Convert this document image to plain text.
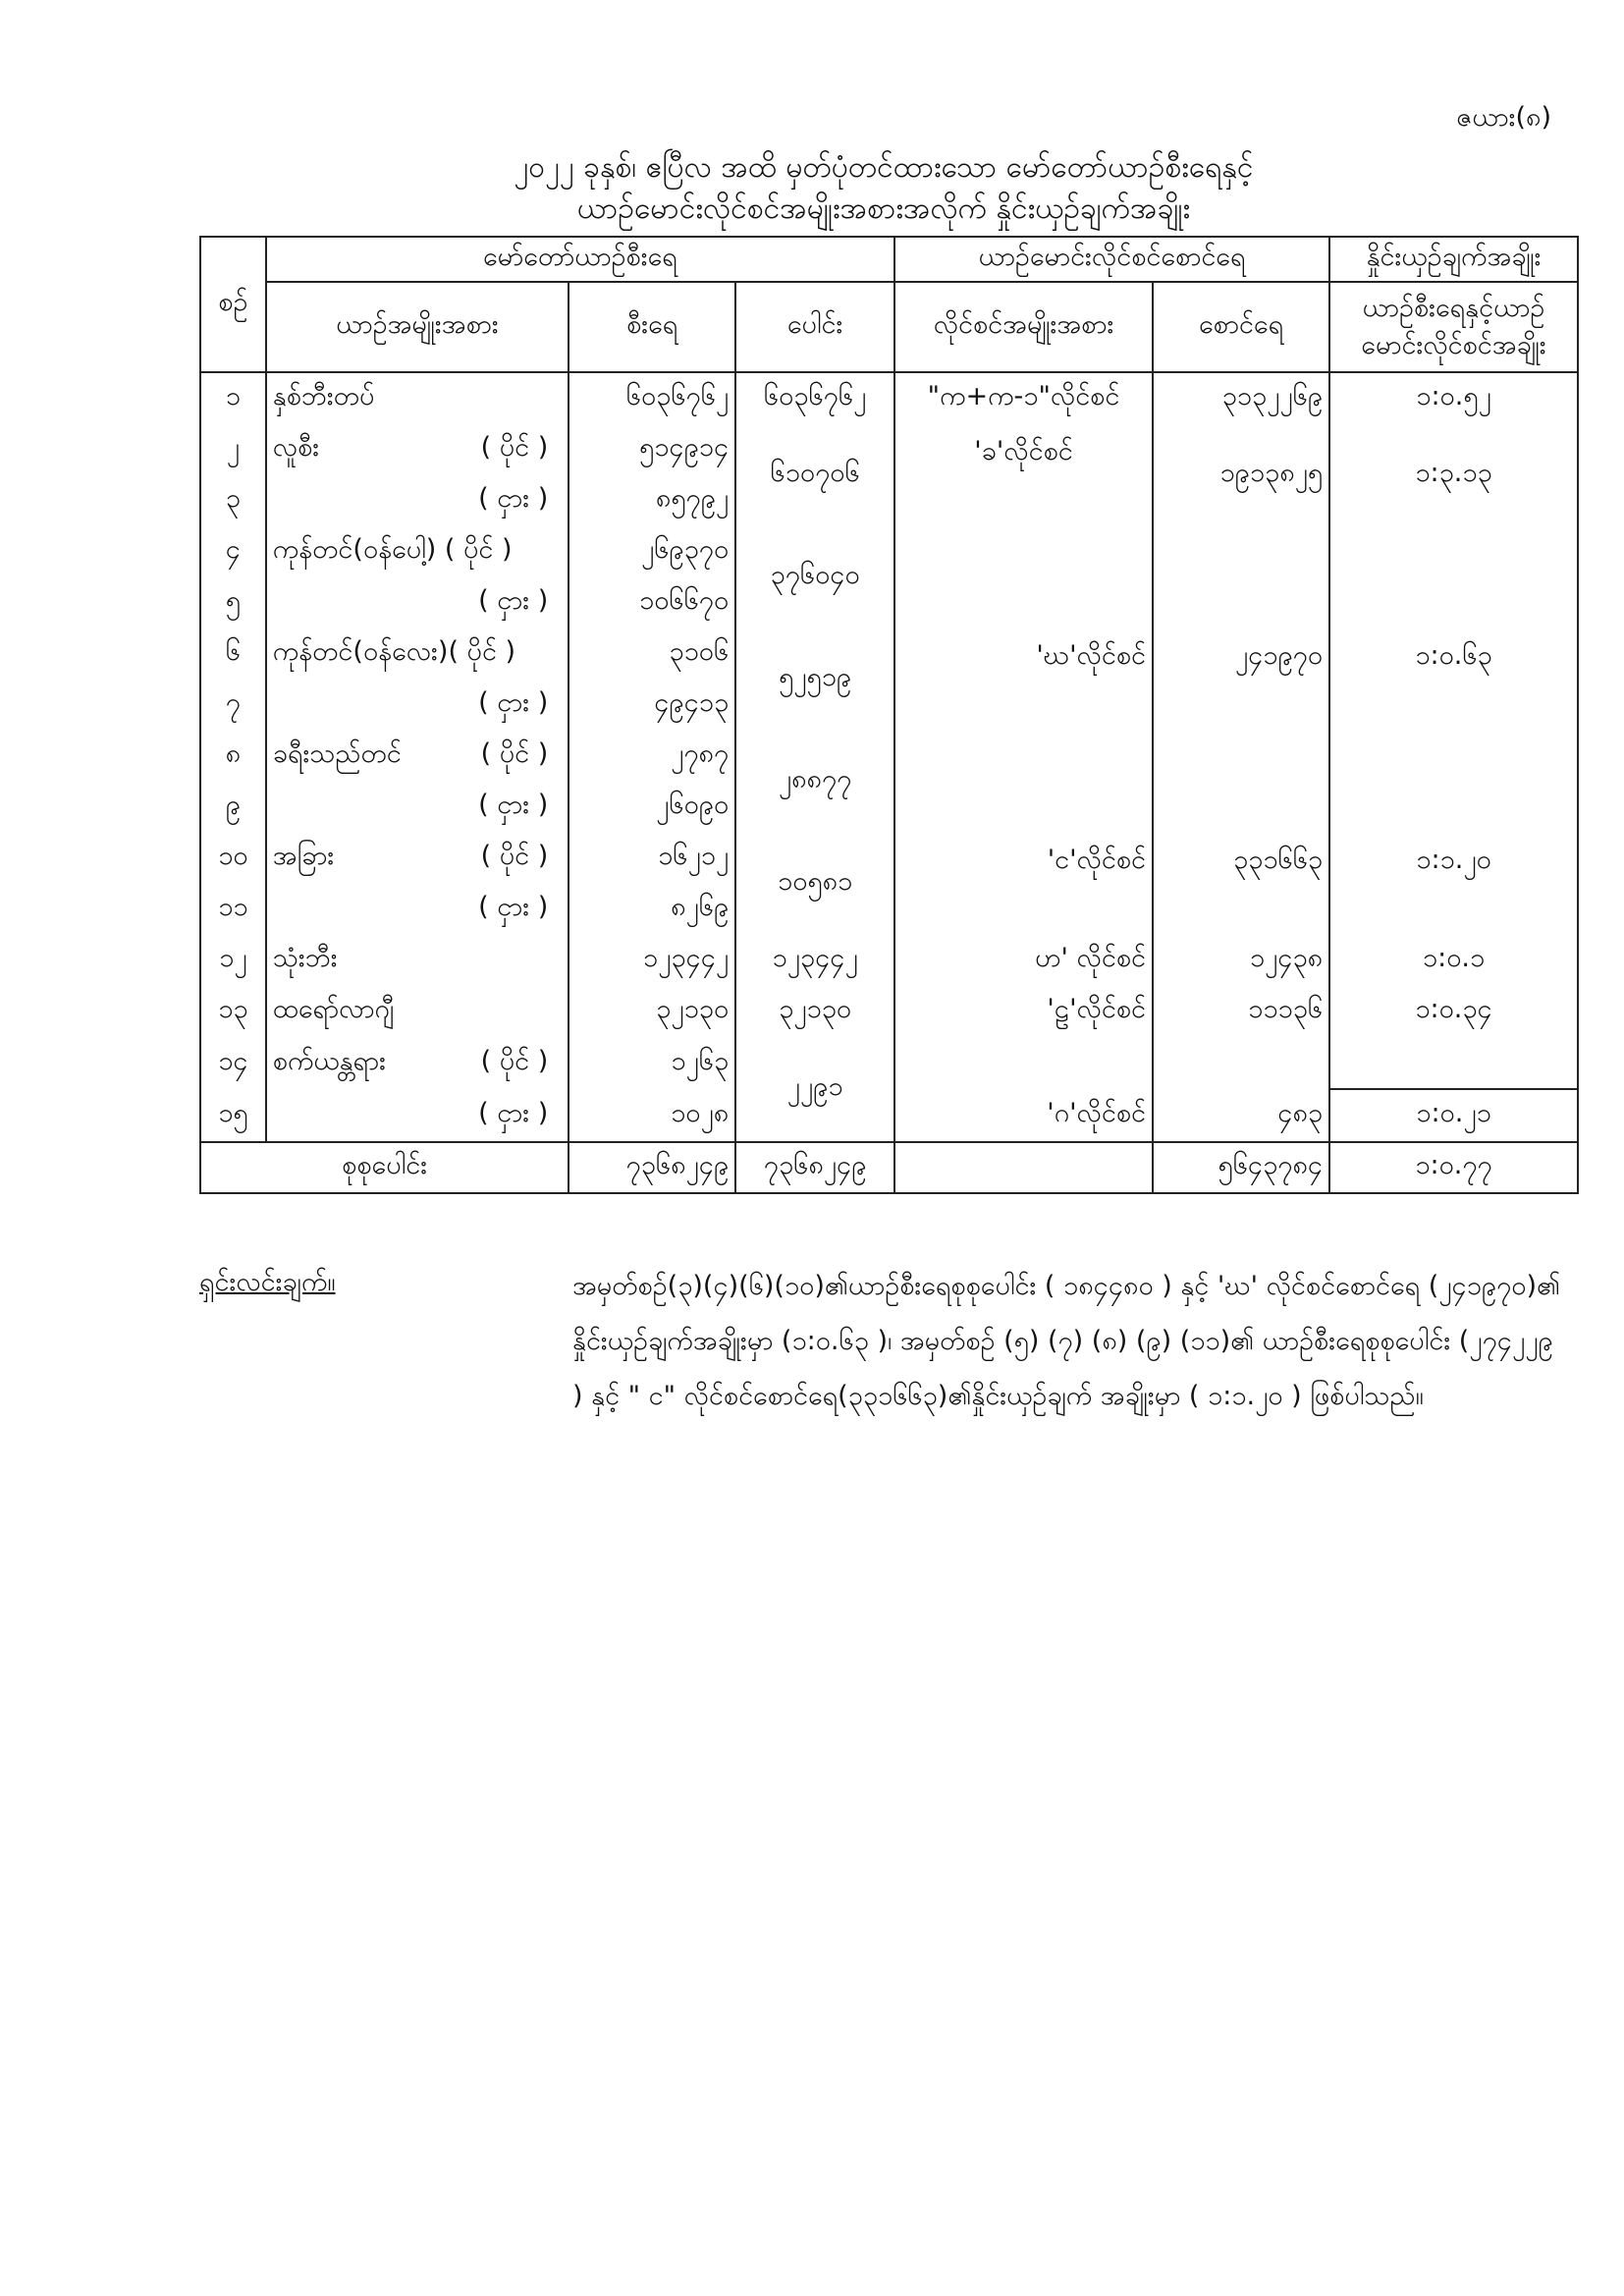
ဇယား(၈)
၂၀၂၂ ခုနှစ်၊ ဧပြီလ အထိ မှတ်ပုံတင်ထားသော မော်တော်ယာဉ်စီးရေနှင့်
ယာဉ်မောင်းလိုင်စင်အမျိုးအစားအလိုက် နှိုင်းယှဉ်ချက်အချိုး
စဉ်	မော်တော်ယာဉ်စီးရေ			ယာဉ်မောင်းလိုင်စင်စောင်ရေ		နှိုင်းယှဉ်ချက်အချိုး
	ယာဉ်အမျိုးအစား	စီးရေ	ပေါင်း	လိုင်စင်အမျိုးအစား	စောင်ရေ	ယာဉ်စီးရေနှင့်ယာဉ်
မောင်းလိုင်စင်အချိုး

၁	နှစ်ဘီးတပ်	၆၀၃၆၇၆၂	၆၀၃၆၇၆၂	"က+က-၁"လိုင်စင်	၃၁၃၂၂၆၉	၁:၀.၅၂
၂	လူစီး ( ပိုင် )	၅၁၄၉၁၄	၆၁၀၇၀၆	'ခ'လိုင်စင်	၁၉၁၃၈၂၅	၁:၃.၁၃
၃	( ငှား )	၈၅၇၉၂				
၄	ကုန်တင်(ဝန်ပေါ့) ( ပိုင် )	၂၆၉၃၇၀	၃၇၆၀၄၀			
၅	( ငှား )	၁၀၆၆၇၀				
၆	ကုန်တင်(ဝန်လေး)( ပိုင် )	၃၁၀၆	၅၂၅၁၉	'ဃ'လိုင်စင်	၂၄၁၉၇၀	၁:၀.၆၃
၇	( ငှား )	၄၉၄၁၃				
၈	ခရီးသည်တင် ( ပိုင် )	၂၇၈၇	၂၈၈၇၇			
၉	( ငှား )	၂၆၀၉၀				
၁၀	အခြား ( ပိုင် )	၁၆၂၁၂	၁၀၅၈၁	'င'လိုင်စင်	၃၃၁၆၆၃	၁:၁.၂၀
၁၁	( ငှား )	၈၂၆၉				
၁၂	သုံးဘီး	၁၂၃၄၄၂	၁၂၃၄၄၂	ဟ' လိုင်စင်	၁၂၄၃၈	၁:၀.၁
၁၃	ထရော်လာဂျီ	၃၂၁၃၀	၃၂၁၃၀	'ဠ'လိုင်စင်	၁၁၁၃၆	၁:၀.၃၄
၁၄	စက်ယန္တရား ( ပိုင် )	၁၂၆၃	၂၂၉၁			
၁၅	( ငှား )	၁၀၂၈		'ဂ'လိုင်စင်	၄၈၃	၁:၀.၂၁
စုစုပေါင်း		၇၃၆၈၂၄၉	၇၃၆၈၂၄၉		၅၆၄၃၇၈၄	၁:၀.၇၇
ရှင်းလင်းချက်။	အမှတ်စဉ်(၃)(၄)(၆)(၁၀)၏ယာဉ်စီးရေစုစုပေါင်း ( ၁၈၄၄၈၀ ) နှင့် 'ဃ' လိုင်စင်စောင်ရေ (၂၄၁၉၇၀)၏ နှိုင်းယှဉ်ချက်အချိုးမှာ (၁:၀.၆၃ )၊ အမှတ်စဉ် (၅) (၇) (၈) (၉) (၁၁)၏ ယာဉ်စီးရေစုစုပေါင်း (၂၇၄၂၂၉ ) နှင့် " င" လိုင်စင်စောင်ရေ(၃၃၁၆၆၃)၏နှိုင်းယှဉ်ချက် အချိုးမှာ ( ၁:၁.၂၀ ) ဖြစ်ပါသည်။
